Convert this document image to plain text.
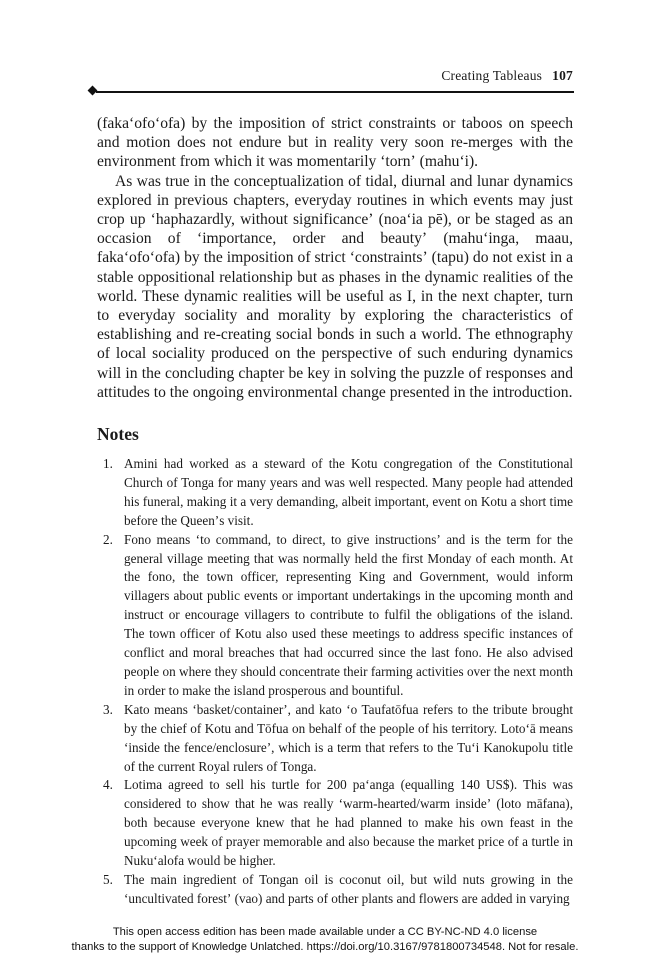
Creating Tableaus 107

(fakaʻofoʻofa) by the imposition of strict constraints or taboos on speech and motion does not endure but in reality very soon re-merges with the environment from which it was momentarily ʻtornʼ (mahuʻi).

As was true in the conceptualization of tidal, diurnal and lunar dynamics explored in previous chapters, everyday routines in which events may just crop up ʻhaphazardly, without significanceʼ (noaʻia pē), or be staged as an occasion of ʻimportance, order and beautyʼ (mahuʻinga, maau, fakaʻofoʻofa) by the imposition of strict ʻconstraintsʼ (tapu) do not exist in a stable oppositional relationship but as phases in the dynamic realities of the world. These dynamic realities will be useful as I, in the next chapter, turn to everyday sociality and morality by exploring the characteristics of establishing and re-creating social bonds in such a world. The ethnography of local sociality produced on the perspective of such enduring dynamics will in the concluding chapter be key in solving the puzzle of responses and attitudes to the ongoing environmental change presented in the introduction.

Notes
1. Amini had worked as a steward of the Kotu congregation of the Constitutional Church of Tonga for many years and was well respected. Many people had attended his funeral, making it a very demanding, albeit important, event on Kotu a short time before the Queenʼs visit.
2. Fono means ʻto command, to direct, to give instructionsʼ and is the term for the general village meeting that was normally held the first Monday of each month. At the fono, the town officer, representing King and Government, would inform villagers about public events or important undertakings in the upcoming month and instruct or encourage villagers to contribute to fulfil the obligations of the island. The town officer of Kotu also used these meetings to address specific instances of conflict and moral breaches that had occurred since the last fono. He also advised people on where they should concentrate their farming activities over the next month in order to make the island prosperous and bountiful.
3. Kato means ʻbasket/containerʼ, and kato ʻo Taufatōfua refers to the tribute brought by the chief of Kotu and Tōfua on behalf of the people of his territory. Lotoʻā means ʻinside the fence/enclosureʼ, which is a term that refers to the Tuʻi Kanokupolu title of the current Royal rulers of Tonga.
4. Lotima agreed to sell his turtle for 200 paʻanga (equalling 140 US$). This was considered to show that he was really ʻwarm-hearted/warm insideʼ (loto māfana), both because everyone knew that he had planned to make his own feast in the upcoming week of prayer memorable and also because the market price of a turtle in Nukuʻalofa would be higher.
5. The main ingredient of Tongan oil is coconut oil, but wild nuts growing in the ʻuncultivated forestʼ (vao) and parts of other plants and flowers are added in varying
This open access edition has been made available under a CC BY-NC-ND 4.0 license
thanks to the support of Knowledge Unlatched. https://doi.org/10.3167/9781800734548. Not for resale.
